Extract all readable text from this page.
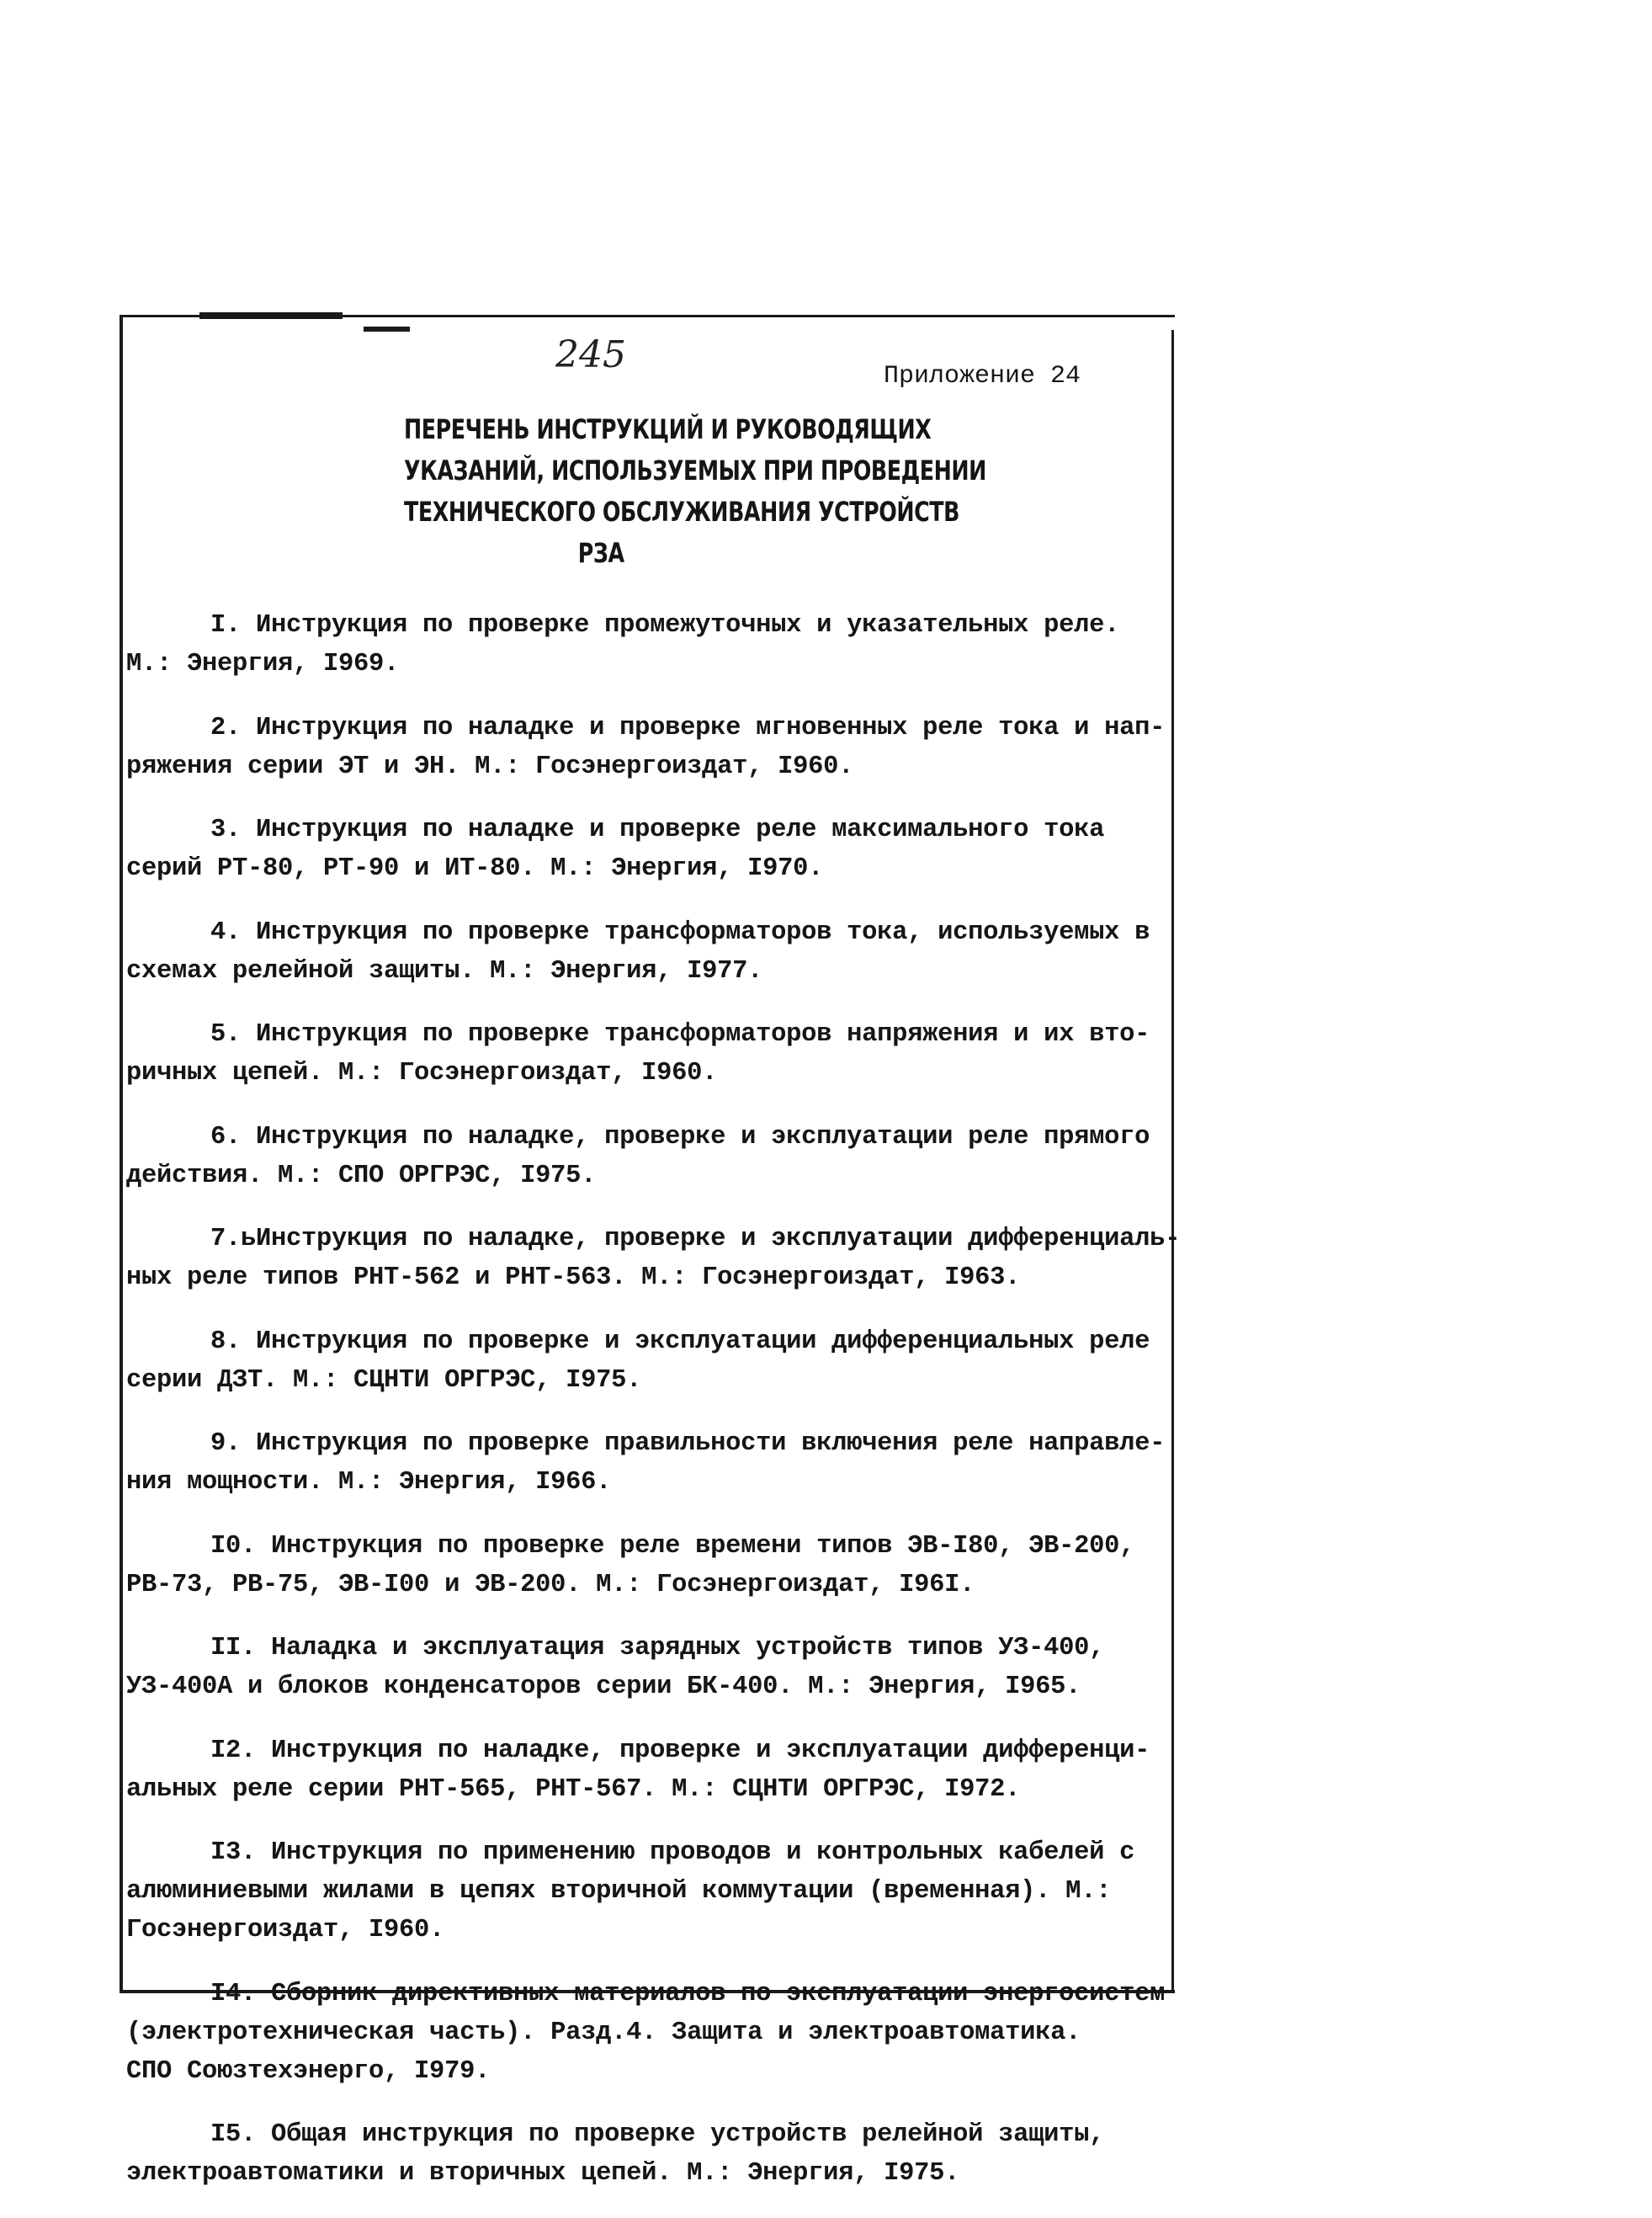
245	Приложение 24
ПЕРЕЧЕНЬ ИНСТРУКЦИЙ И РУКОВОДЯЩИХ
УКАЗАНИЙ, ИСПОЛЬЗУЕМЫХ ПРИ ПРОВЕДЕНИИ
ТЕХНИЧЕСКОГО ОБСЛУЖИВАНИЯ УСТРОЙСТВ
РЗА
I. Инструкция по проверке промежуточных и указательных реле.
М.: Энергия, I969.
2. Инструкция по наладке и проверке мгновенных реле тока и нап-
ряжения серии ЭТ и ЭН. М.: Госэнергоиздат, I960.
3. Инструкция по наладке и проверке реле максимального тока
серий РТ-80, РТ-90 и ИТ-80. М.: Энергия, I970.
4. Инструкция по проверке трансформаторов тока, используемых в
схемах релейной защиты. М.: Энергия, I977.
5. Инструкция по проверке трансформаторов напряжения и их вто-
ричных цепей. М.: Госэнергоиздат, I960.
6. Инструкция по наладке, проверке и эксплуатации реле прямого
действия. М.: СПО ОРГРЭС, I975.
7.ьИнструкция по наладке, проверке и эксплуатации дифференциаль-
ных реле типов РНТ-562 и РНТ-563. М.: Госэнергоиздат, I963.
8. Инструкция по проверке и эксплуатации дифференциальных реле
серии ДЗТ. М.: СЦНТИ ОРГРЭС, I975.
9. Инструкция по проверке правильности включения реле направле-
ния мощности. М.: Энергия, I966.
I0. Инструкция по проверке реле времени типов ЭВ-I80, ЭВ-200,
РВ-73, РВ-75, ЭВ-I00 и ЭВ-200. М.: Госэнергоиздат, I96I.
II. Наладка и эксплуатация зарядных устройств типов УЗ-400,
УЗ-400А и блоков конденсаторов серии БК-400. М.: Энергия, I965.
I2. Инструкция по наладке, проверке и эксплуатации дифференци-
альных реле серии РНТ-565, РНТ-567. М.: СЦНТИ ОРГРЭС, I972.
I3. Инструкция по применению проводов и контрольных кабелей с
алюминиевыми жилами в цепях вторичной коммутации (временная). М.:
Госэнергоиздат, I960.
I4. Сборник директивных материалов по эксплуатации энергосистем
(электротехническая часть). Разд.4. Защита и электроавтоматика.
СПО Союзтехэнерго, I979.
I5. Общая инструкция по проверке устройств релейной защиты,
электроавтоматики и вторичных цепей. М.: Энергия, I975.
